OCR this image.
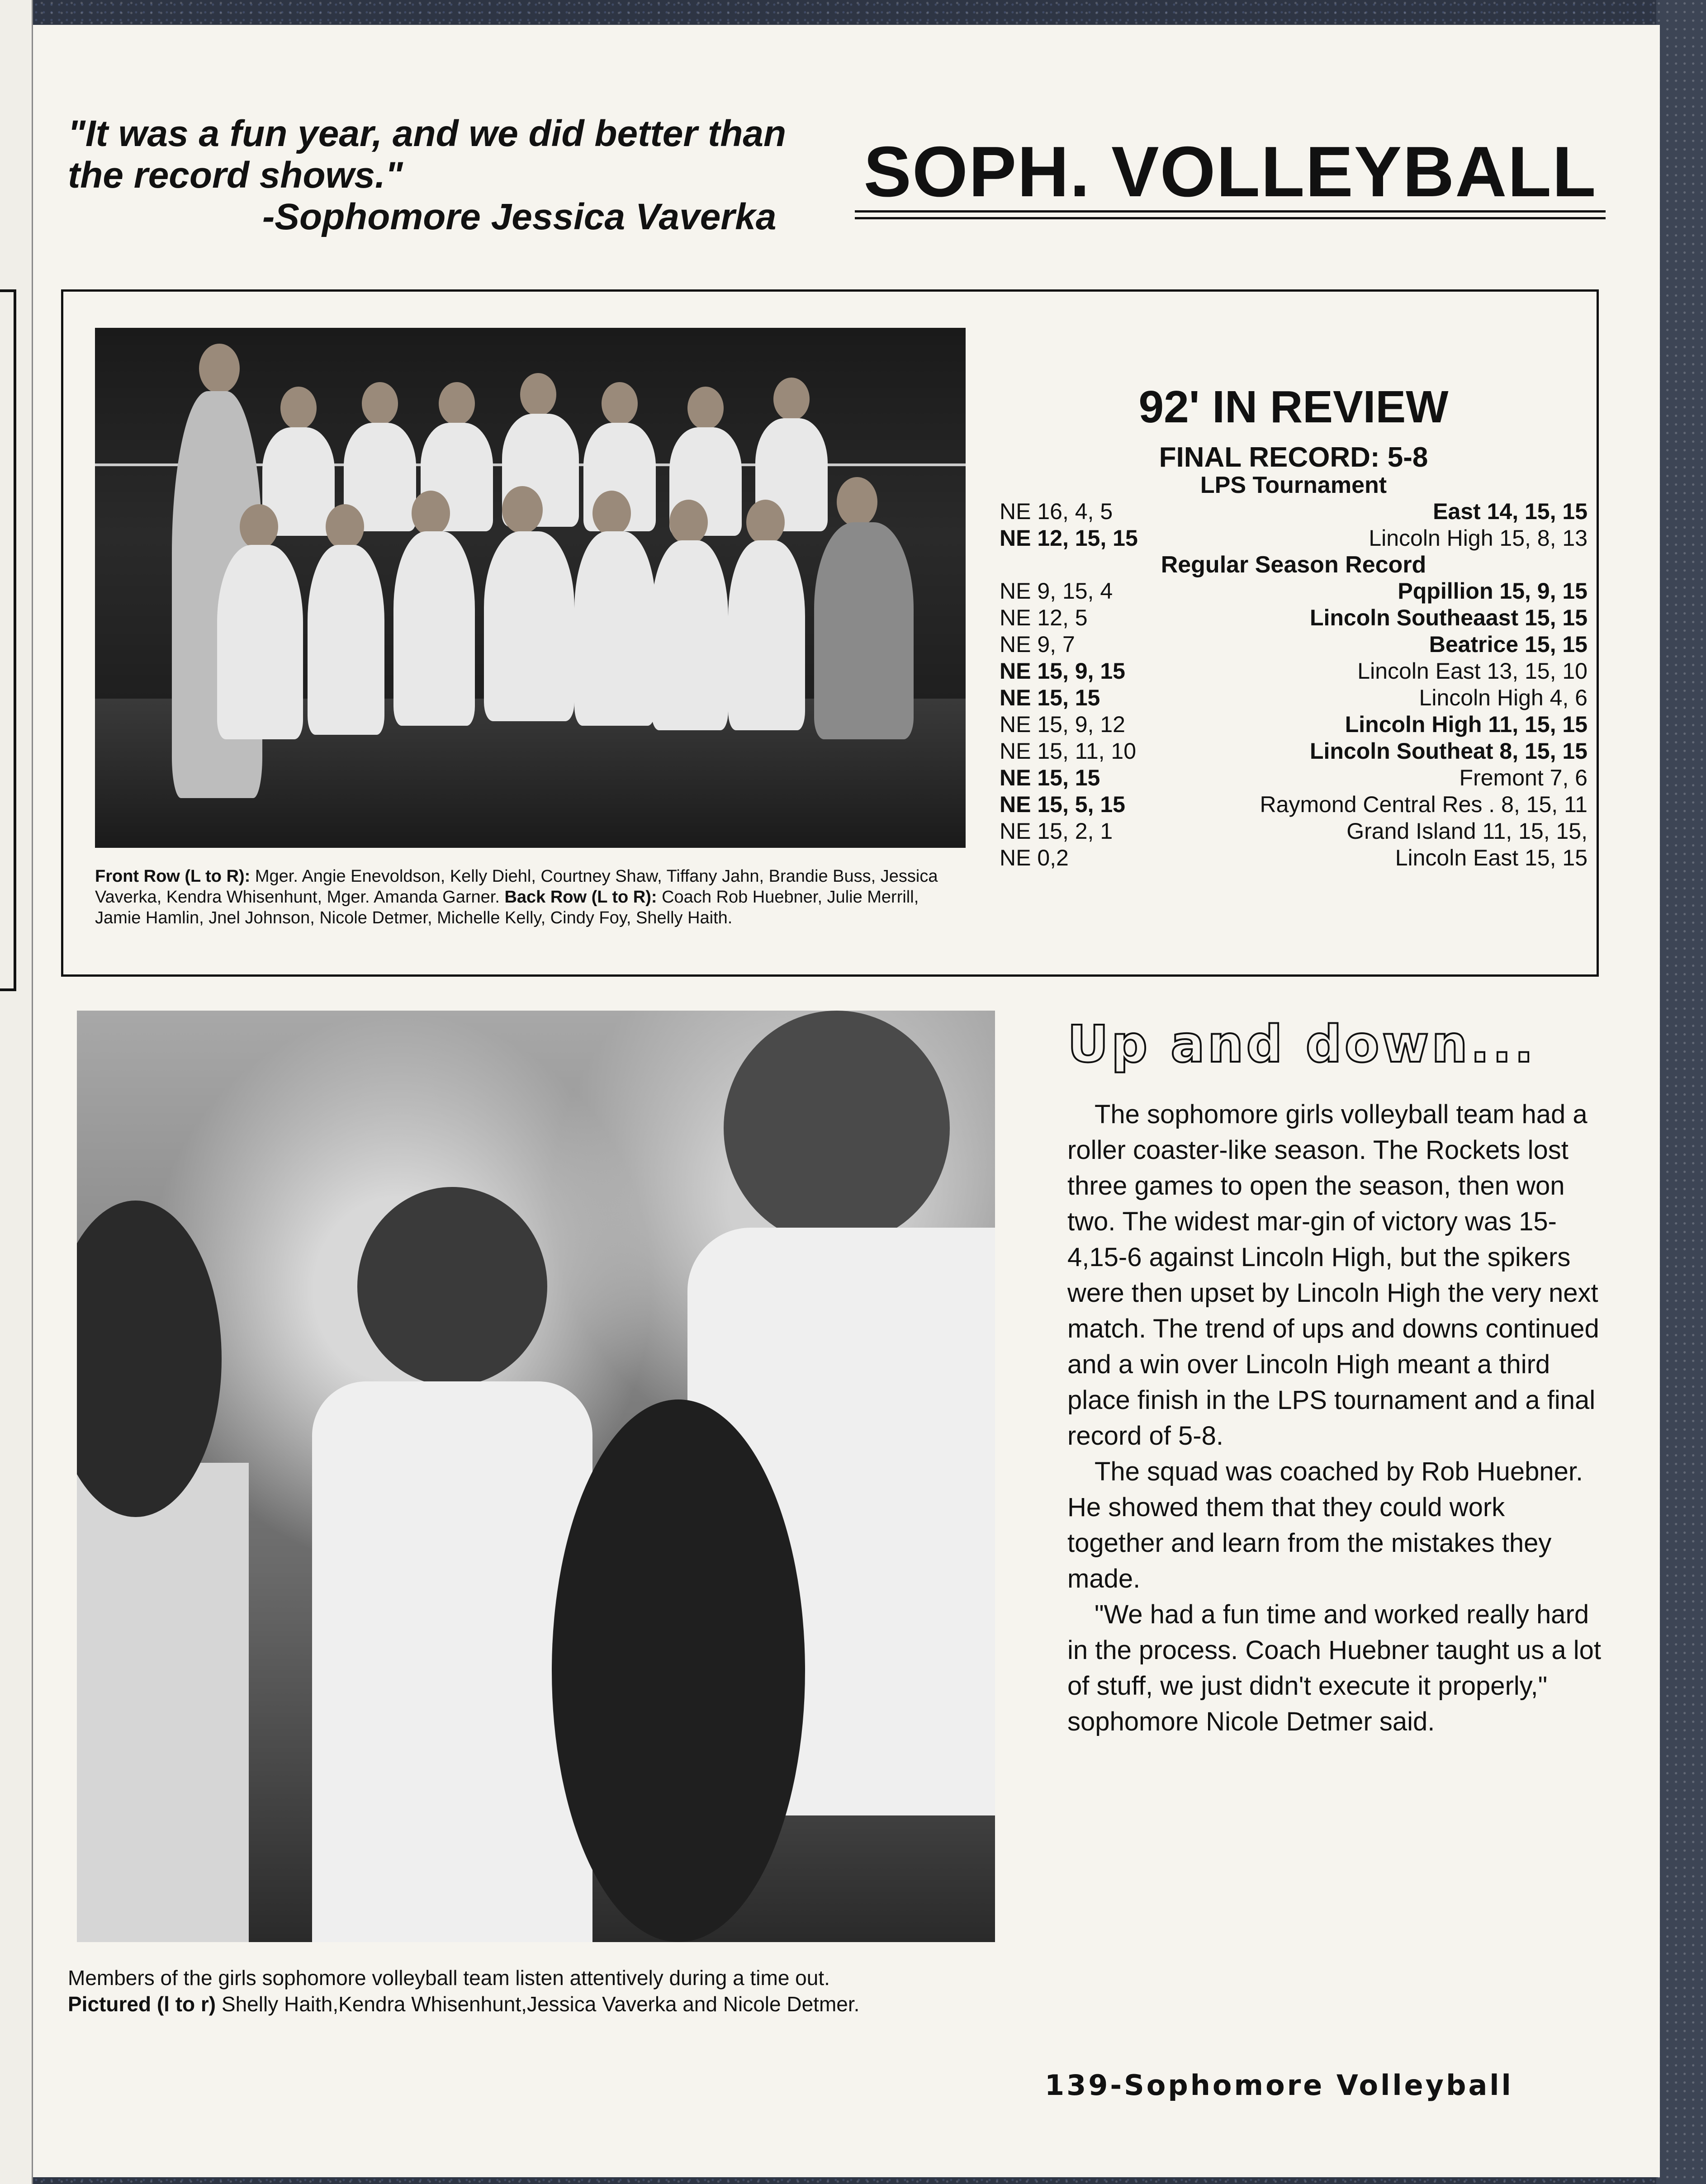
"It was a fun year, and we did better than the record shows."
-Sophomore Jessica Vaverka
SOPH. VOLLEYBALL
Front Row (L to R): Mger. Angie Enevoldson, Kelly Diehl, Courtney Shaw, Tiffany Jahn, Brandie Buss, Jessica Vaverka, Kendra Whisenhunt, Mger. Amanda Garner. Back Row (L to R): Coach Rob Huebner, Julie Merrill, Jamie Hamlin, Jnel Johnson, Nicole Detmer, Michelle Kelly, Cindy Foy, Shelly Haith.
92' IN REVIEW
FINAL RECORD: 5-8
LPS Tournament
NE 16, 4, 5	East 14, 15, 15
NE 12, 15, 15	Lincoln High 15, 8, 13
Regular Season Record
NE 9, 15, 4	Pqpillion 15, 9, 15
NE 12, 5	Lincoln Southeaast 15, 15
NE 9, 7	Beatrice 15, 15
NE 15, 9, 15	Lincoln East 13, 15, 10
NE 15, 15	Lincoln High 4, 6
NE 15, 9, 12	Lincoln High 11, 15, 15
NE 15, 11, 10	Lincoln Southeat 8, 15, 15
NE 15, 15	Fremont 7, 6
NE 15, 5, 15	Raymond Central Res . 8, 15, 11
NE 15, 2, 1	Grand Island 11, 15, 15,
NE 0,2	Lincoln East 15, 15
Members of the girls sophomore volleyball team listen attentively during a time out.
Pictured (l to r) Shelly Haith,Kendra Whisenhunt,Jessica Vaverka and Nicole Detmer.
Up and down...

The sophomore girls volleyball team had a roller coaster-like season. The Rockets lost three games to open the season, then won two. The widest mar-gin of victory was 15-4,15-6 against Lincoln High, but the spikers were then upset by Lincoln High the very next match. The trend of ups and downs continued and a win over Lincoln High meant a third place finish in the LPS tournament and a final record of 5-8.

The squad was coached by Rob Huebner. He showed them that they could work together and learn from the mistakes they made.

"We had a fun time and worked really hard in the process. Coach Huebner taught us a lot of stuff, we just didn't execute it properly," sophomore Nicole Detmer said.

139-Sophomore Volleyball
